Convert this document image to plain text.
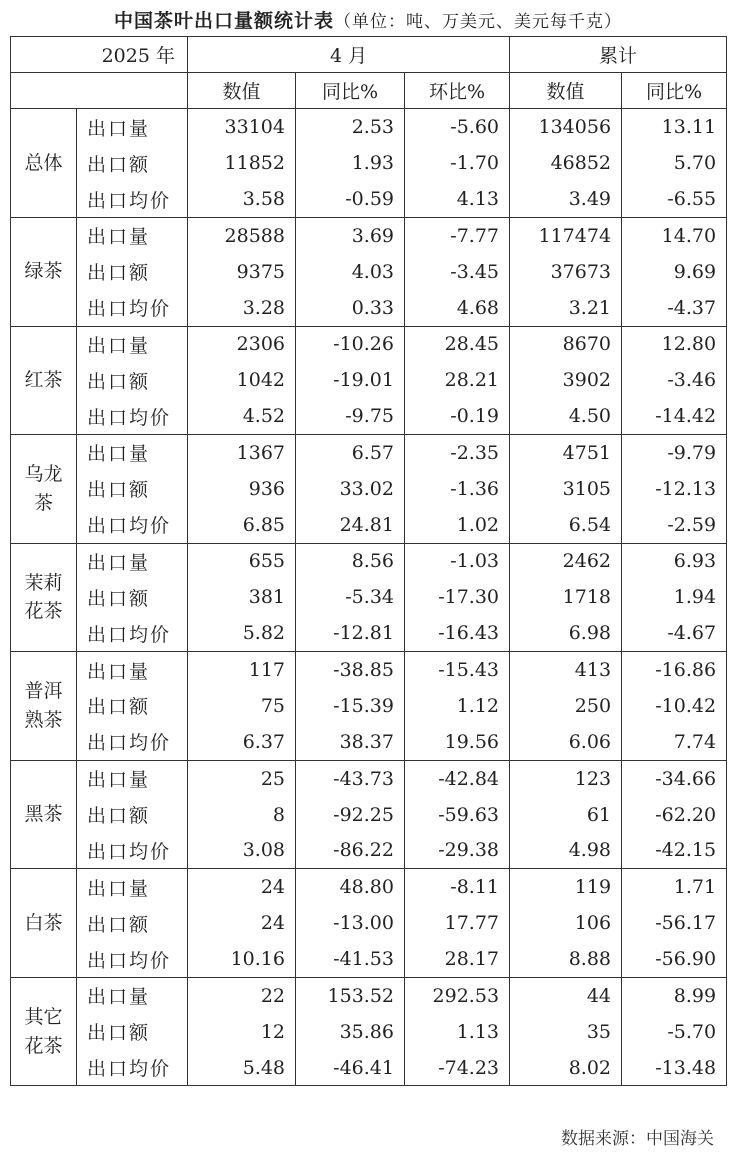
中国茶叶出口量额统计表（单位：吨、万美元、美元每千克）
2025 年		4 月			累计	
		数值	同比%	环比%	数值	同比%

总体	出口量	33104	2.53	-5.60	134056	13.11
	出口额	11852	1.93	-1.70	46852	5.70
	出口均价	3.58	-0.59	4.13	3.49	-6.55

绿茶	出口量	28588	3.69	-7.77	117474	14.70
	出口额	9375	4.03	-3.45	37673	9.69
	出口均价	3.28	0.33	4.68	3.21	-4.37

红茶	出口量	2306	-10.26	28.45	8670	12.80
	出口额	1042	-19.01	28.21	3902	-3.46
	出口均价	4.52	-9.75	-0.19	4.50	-14.42

乌龙茶	出口量	1367	6.57	-2.35	4751	-9.79
	出口额	936	33.02	-1.36	3105	-12.13
	出口均价	6.85	24.81	1.02	6.54	-2.59

茉莉花茶	出口量	655	8.56	-1.03	2462	6.93
	出口额	381	-5.34	-17.30	1718	1.94
	出口均价	5.82	-12.81	-16.43	6.98	-4.67

普洱熟茶	出口量	117	-38.85	-15.43	413	-16.86
	出口额	75	-15.39	1.12	250	-10.42
	出口均价	6.37	38.37	19.56	6.06	7.74

黑茶	出口量	25	-43.73	-42.84	123	-34.66
	出口额	8	-92.25	-59.63	61	-62.20
	出口均价	3.08	-86.22	-29.38	4.98	-42.15

白茶	出口量	24	48.80	-8.11	119	1.71
	出口额	24	-13.00	17.77	106	-56.17
	出口均价	10.16	-41.53	28.17	8.88	-56.90

其它花茶	出口量	22	153.52	292.53	44	8.99
	出口额	12	35.86	1.13	35	-5.70
	出口均价	5.48	-46.41	-74.23	8.02	-13.48
数据来源：中国海关
